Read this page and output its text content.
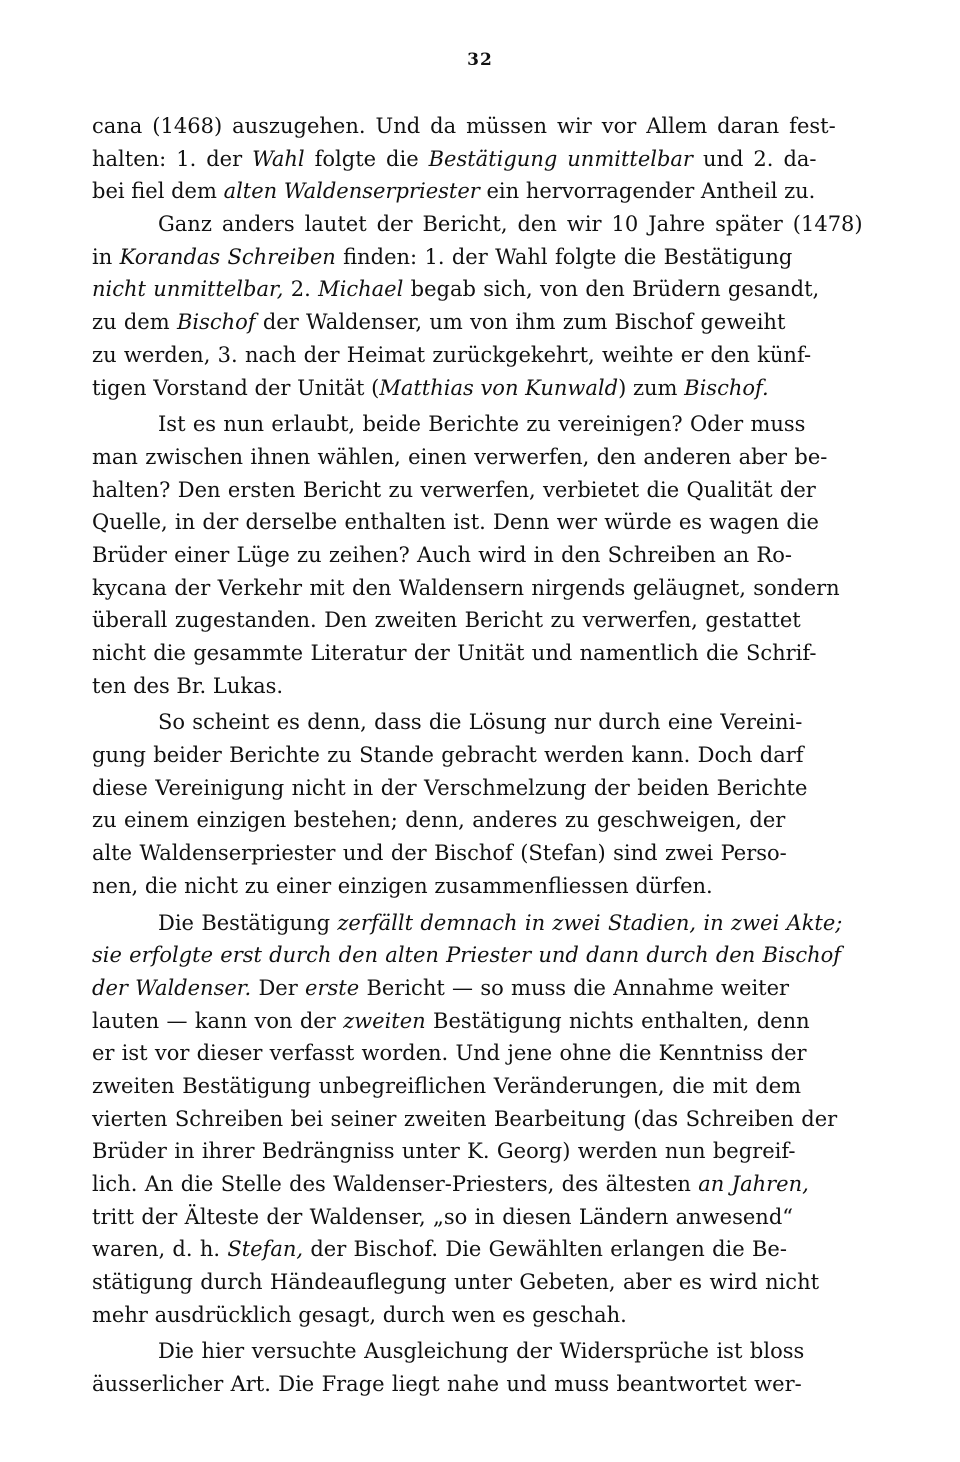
32
cana (1468) auszugehen. Und da müssen wir vor Allem daran fest-
halten: 1. der Wahl folgte die Bestätigung unmittelbar und 2. da-
bei fiel dem alten Waldenserpriester ein hervorragender Antheil zu.
Ganz anders lautet der Bericht, den wir 10 Jahre später (1478)
in Korandas Schreiben finden: 1. der Wahl folgte die Bestätigung
nicht unmittelbar, 2. Michael begab sich, von den Brüdern gesandt,
zu dem Bischof der Waldenser, um von ihm zum Bischof geweiht
zu werden, 3. nach der Heimat zurückgekehrt, weihte er den künf-
tigen Vorstand der Unität (Matthias von Kunwald) zum Bischof.
Ist es nun erlaubt, beide Berichte zu vereinigen? Oder muss
man zwischen ihnen wählen, einen verwerfen, den anderen aber be-
halten? Den ersten Bericht zu verwerfen, verbietet die Qualität der
Quelle, in der derselbe enthalten ist. Denn wer würde es wagen die
Brüder einer Lüge zu zeihen? Auch wird in den Schreiben an Ro-
kycana der Verkehr mit den Waldensern nirgends geläugnet, sondern
überall zugestanden. Den zweiten Bericht zu verwerfen, gestattet
nicht die gesammte Literatur der Unität und namentlich die Schrif-
ten des Br. Lukas.
So scheint es denn, dass die Lösung nur durch eine Vereini-
gung beider Berichte zu Stande gebracht werden kann. Doch darf
diese Vereinigung nicht in der Verschmelzung der beiden Berichte
zu einem einzigen bestehen; denn, anderes zu geschweigen, der
alte Waldenserpriester und der Bischof (Stefan) sind zwei Perso-
nen, die nicht zu einer einzigen zusammenfliessen dürfen.
Die Bestätigung zerfällt demnach in zwei Stadien, in zwei Akte;
sie erfolgte erst durch den alten Priester und dann durch den Bischof
der Waldenser. Der erste Bericht — so muss die Annahme weiter
lauten — kann von der zweiten Bestätigung nichts enthalten, denn
er ist vor dieser verfasst worden. Und jene ohne die Kenntniss der
zweiten Bestätigung unbegreiflichen Veränderungen, die mit dem
vierten Schreiben bei seiner zweiten Bearbeitung (das Schreiben der
Brüder in ihrer Bedrängniss unter K. Georg) werden nun begreif-
lich. An die Stelle des Waldenser-Priesters, des ältesten an Jahren,
tritt der Älteste der Waldenser, „so in diesen Ländern anwesend“
waren, d. h. Stefan, der Bischof. Die Gewählten erlangen die Be-
stätigung durch Händeauflegung unter Gebeten, aber es wird nicht
mehr ausdrücklich gesagt, durch wen es geschah.
Die hier versuchte Ausgleichung der Widersprüche ist bloss
äusserlicher Art. Die Frage liegt nahe und muss beantwortet wer-
